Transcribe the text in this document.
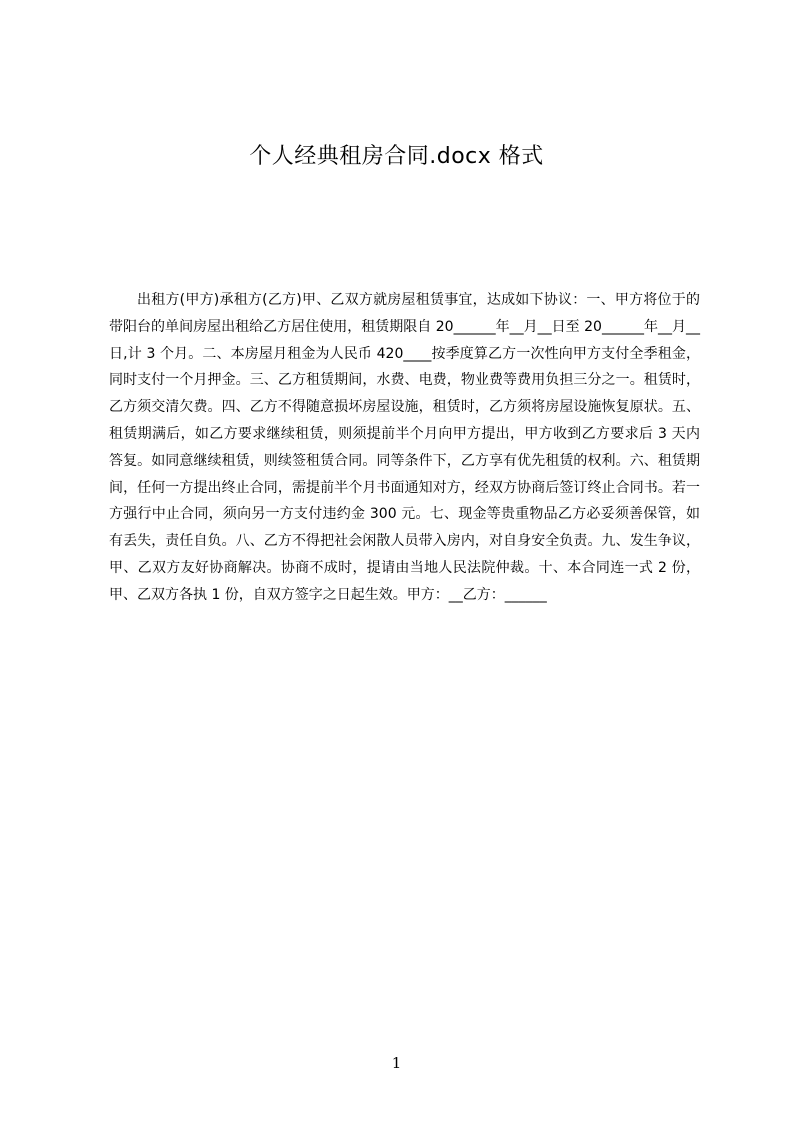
个人经典租房合同.docx 格式

出租方(甲方)承租方(乙方)甲、乙双方就房屋租赁事宜，达成如下协议：一、甲方将位于的带阳台的单间房屋出租给乙方居住使用，租赁期限自 20______年__月__日至 20______年__月__日,计 3 个月。二、本房屋月租金为人民币 420____按季度算乙方一次性向甲方支付全季租金，同时支付一个月押金。三、乙方租赁期间，水费、电费，物业费等费用负担三分之一。租赁时，乙方须交清欠费。四、乙方不得随意损坏房屋设施，租赁时，乙方须将房屋设施恢复原状。五、租赁期满后，如乙方要求继续租赁，则须提前半个月向甲方提出，甲方收到乙方要求后 3 天内答复。如同意继续租赁，则续签租赁合同。同等条件下，乙方享有优先租赁的权利。六、租赁期间，任何一方提出终止合同，需提前半个月书面通知对方，经双方协商后签订终止合同书。若一方强行中止合同，须向另一方支付违约金 300 元。七、现金等贵重物品乙方必妥须善保管，如有丢失，责任自负。八、乙方不得把社会闲散人员带入房内，对自身安全负责。九、发生争议，甲、乙双方友好协商解决。协商不成时，提请由当地人民法院仲裁。十、本合同连一式 2 份，甲、乙双方各执 1 份，自双方签字之日起生效。甲方：__乙方：______

1
